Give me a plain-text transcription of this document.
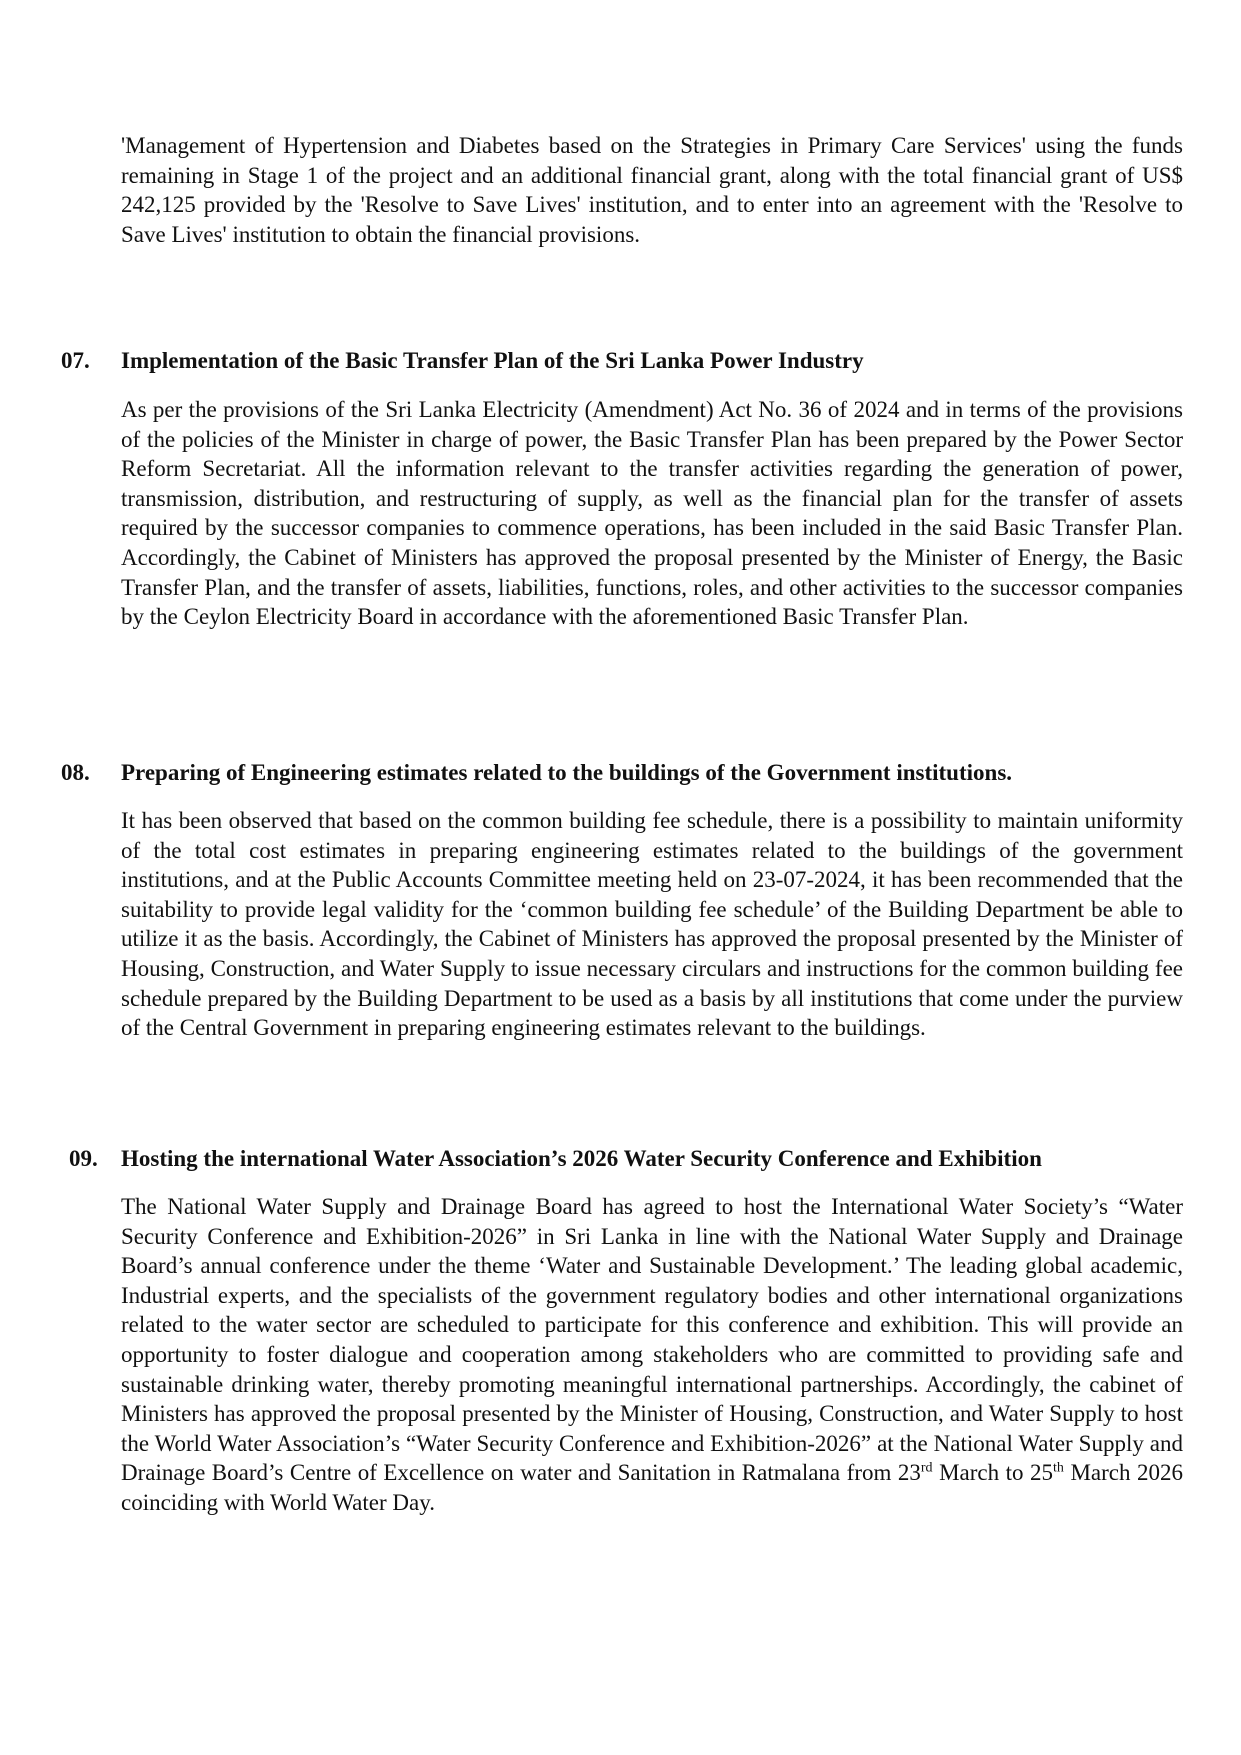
'Management of Hypertension and Diabetes based on the Strategies in Primary Care Services' using the funds remaining in Stage 1 of the project and an additional financial grant, along with the total financial grant of US$ 242,125 provided by the 'Resolve to Save Lives' institution, and to enter into an agreement with the 'Resolve to Save Lives' institution to obtain the financial provisions.

07. Implementation of the Basic Transfer Plan of the Sri Lanka Power Industry

As per the provisions of the Sri Lanka Electricity (Amendment) Act No. 36 of 2024 and in terms of the provisions of the policies of the Minister in charge of power, the Basic Transfer Plan has been prepared by the Power Sector Reform Secretariat. All the information relevant to the transfer activities regarding the generation of power, transmission, distribution, and restructuring of supply, as well as the financial plan for the transfer of assets required by the successor companies to commence operations, has been included in the said Basic Transfer Plan. Accordingly, the Cabinet of Ministers has approved the proposal presented by the Minister of Energy, the Basic Transfer Plan, and the transfer of assets, liabilities, functions, roles, and other activities to the successor companies by the Ceylon Electricity Board in accordance with the aforementioned Basic Transfer Plan.

08. Preparing of Engineering estimates related to the buildings of the Government institutions.

It has been observed that based on the common building fee schedule, there is a possibility to maintain uniformity of the total cost estimates in preparing engineering estimates related to the buildings of the government institutions, and at the Public Accounts Committee meeting held on 23-07-2024, it has been recommended that the suitability to provide legal validity for the ‘common building fee schedule’ of the Building Department be able to utilize it as the basis. Accordingly, the Cabinet of Ministers has approved the proposal presented by the Minister of Housing, Construction, and Water Supply to issue necessary circulars and instructions for the common building fee schedule prepared by the Building Department to be used as a basis by all institutions that come under the purview of the Central Government in preparing engineering estimates relevant to the buildings.

09. Hosting the international Water Association’s 2026 Water Security Conference and Exhibition

The National Water Supply and Drainage Board has agreed to host the International Water Society’s “Water Security Conference and Exhibition-2026” in Sri Lanka in line with the National Water Supply and Drainage Board’s annual conference under the theme ‘Water and Sustainable Development.’ The leading global academic, Industrial experts, and the specialists of the government regulatory bodies and other international organizations related to the water sector are scheduled to participate for this conference and exhibition. This will provide an opportunity to foster dialogue and cooperation among stakeholders who are committed to providing safe and sustainable drinking water, thereby promoting meaningful international partnerships. Accordingly, the cabinet of Ministers has approved the proposal presented by the Minister of Housing, Construction, and Water Supply to host the World Water Association’s “Water Security Conference and Exhibition-2026” at the National Water Supply and Drainage Board’s Centre of Excellence on water and Sanitation in Ratmalana from 23rd March to 25th March 2026 coinciding with World Water Day.
